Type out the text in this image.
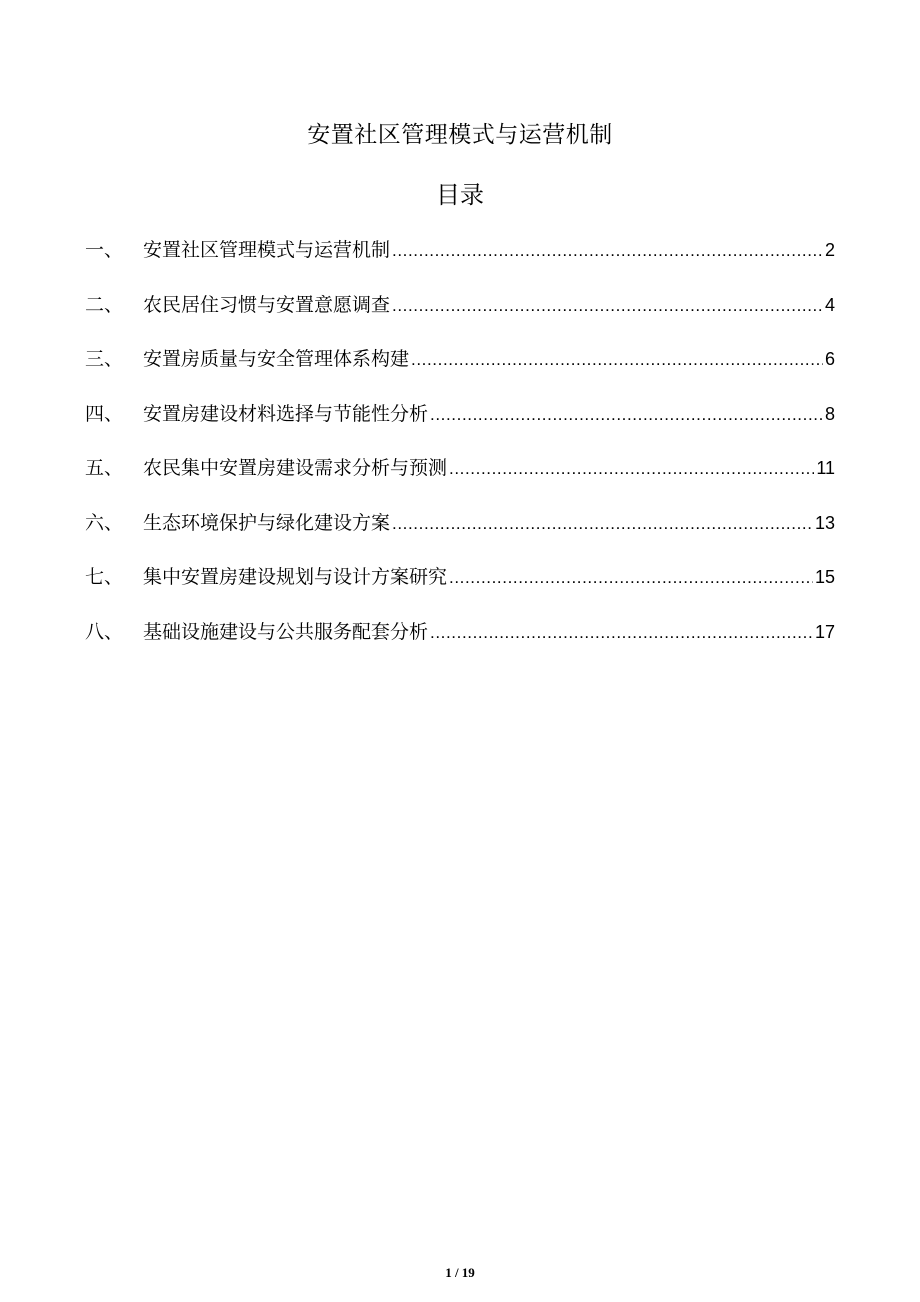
安置社区管理模式与运营机制
目录
一、	安置社区管理模式与运营机制 .....	2
二、	农民居住习惯与安置意愿调查 .....	4
三、	安置房质量与安全管理体系构建 .....	6
四、	安置房建设材料选择与节能性分析 .....	8
五、	农民集中安置房建设需求分析与预测 .....	11
六、	生态环境保护与绿化建设方案 .....	13
七、	集中安置房建设规划与设计方案研究 .....	15
八、	基础设施建设与公共服务配套分析 .....	17
1 / 19
